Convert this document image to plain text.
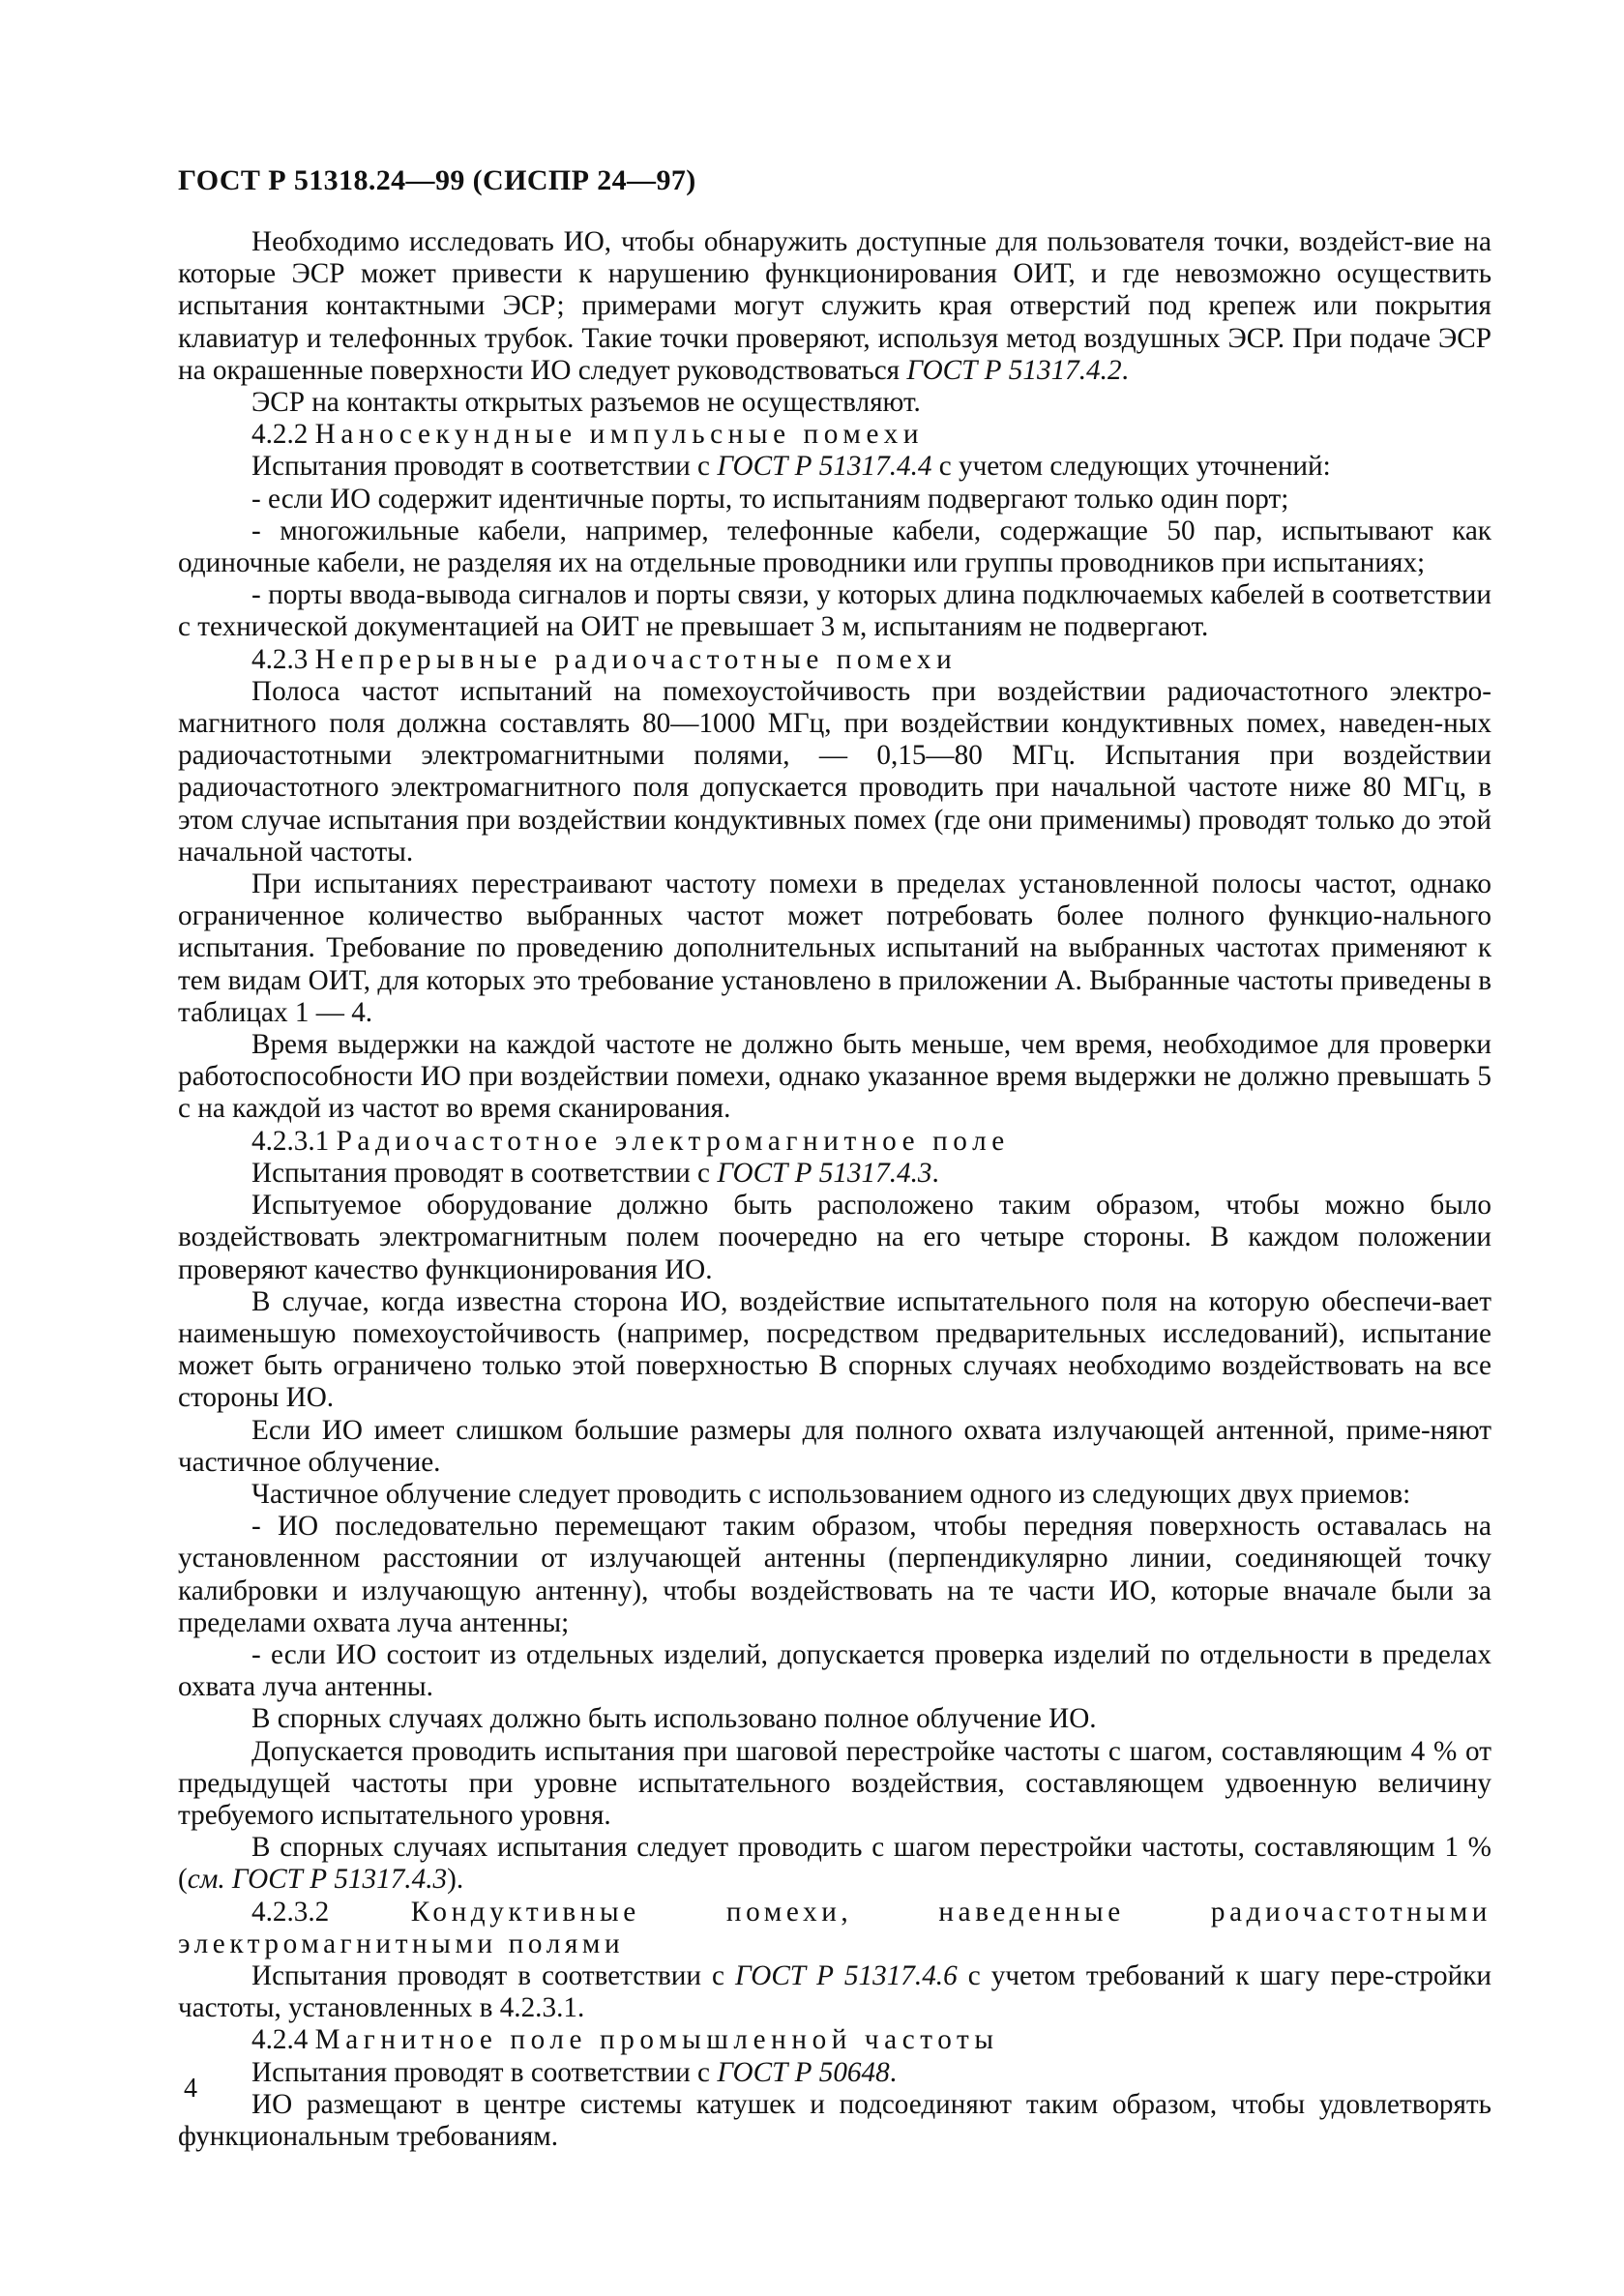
ГОСТ Р 51318.24—99 (СИСПР 24—97)

Необходимо исследовать ИО, чтобы обнаружить доступные для пользователя точки, воздейст-вие на которые ЭСР может привести к нарушению функционирования ОИТ, и где невозможно осуществить испытания контактными ЭСР; примерами могут служить края отверстий под крепеж или покрытия клавиатур и телефонных трубок. Такие точки проверяют, используя метод воздушных ЭСР. При подаче ЭСР на окрашенные поверхности ИО следует руководствоваться ГОСТ Р 51317.4.2.

ЭСР на контакты открытых разъемов не осуществляют.

4.2.2 Наносекундные импульсные помехи

Испытания проводят в соответствии с ГОСТ Р 51317.4.4 с учетом следующих уточнений:

- если ИО содержит идентичные порты, то испытаниям подвергают только один порт;

- многожильные кабели, например, телефонные кабели, содержащие 50 пар, испытывают как одиночные кабели, не разделяя их на отдельные проводники или группы проводников при испытаниях;

- порты ввода-вывода сигналов и порты связи, у которых длина подключаемых кабелей в соответствии с технической документацией на ОИТ не превышает 3 м, испытаниям не подвергают.

4.2.3 Непрерывные радиочастотные помехи

Полоса частот испытаний на помехоустойчивость при воздействии радиочастотного электро-магнитного поля должна составлять 80—1000 МГц, при воздействии кондуктивных помех, наведен-ных радиочастотными электромагнитными полями, — 0,15—80 МГц. Испытания при воздействии радиочастотного электромагнитного поля допускается проводить при начальной частоте ниже 80 МГц, в этом случае испытания при воздействии кондуктивных помех (где они применимы) проводят только до этой начальной частоты.

При испытаниях перестраивают частоту помехи в пределах установленной полосы частот, однако ограниченное количество выбранных частот может потребовать более полного функцио-нального испытания. Требование по проведению дополнительных испытаний на выбранных частотах применяют к тем видам ОИТ, для которых это требование установлено в приложении А. Выбранные частоты приведены в таблицах 1 — 4.

Время выдержки на каждой частоте не должно быть меньше, чем время, необходимое для проверки работоспособности ИО при воздействии помехи, однако указанное время выдержки не должно превышать 5 с на каждой из частот во время сканирования.

4.2.3.1 Радиочастотное электромагнитное поле

Испытания проводят в соответствии с ГОСТ Р 51317.4.3.

Испытуемое оборудование должно быть расположено таким образом, чтобы можно было воздействовать электромагнитным полем поочередно на его четыре стороны. В каждом положении проверяют качество функционирования ИО.

В случае, когда известна сторона ИО, воздействие испытательного поля на которую обеспечи-вает наименьшую помехоустойчивость (например, посредством предварительных исследований), испытание может быть ограничено только этой поверхностью В спорных случаях необходимо воздействовать на все стороны ИО.

Если ИО имеет слишком большие размеры для полного охвата излучающей антенной, приме-няют частичное облучение.

Частичное облучение следует проводить с использованием одного из следующих двух приемов:

- ИО последовательно перемещают таким образом, чтобы передняя поверхность оставалась на установленном расстоянии от излучающей антенны (перпендикулярно линии, соединяющей точку калибровки и излучающую антенну), чтобы воздействовать на те части ИО, которые вначале были за пределами охвата луча антенны;

- если ИО состоит из отдельных изделий, допускается проверка изделий по отдельности в пределах охвата луча антенны.

В спорных случаях должно быть использовано полное облучение ИО.

Допускается проводить испытания при шаговой перестройке частоты с шагом, составляющим 4 % от предыдущей частоты при уровне испытательного воздействия, составляющем удвоенную величину требуемого испытательного уровня.

В спорных случаях испытания следует проводить с шагом перестройки частоты, составляющим 1 % (см. ГОСТ Р 51317.4.3).

4.2.3.2	Кондуктивные помехи, наведенные радиочастотными электромагнитными полями

Испытания проводят в соответствии с ГОСТ Р 51317.4.6 с учетом требований к шагу пере-стройки частоты, установленных в 4.2.3.1.

4.2.4 Магнитное поле промышленной частоты

Испытания проводят в соответствии с ГОСТ Р 50648.

ИО размещают в центре системы катушек и подсоединяют таким образом, чтобы удовлетворять функциональным требованиям.

4
